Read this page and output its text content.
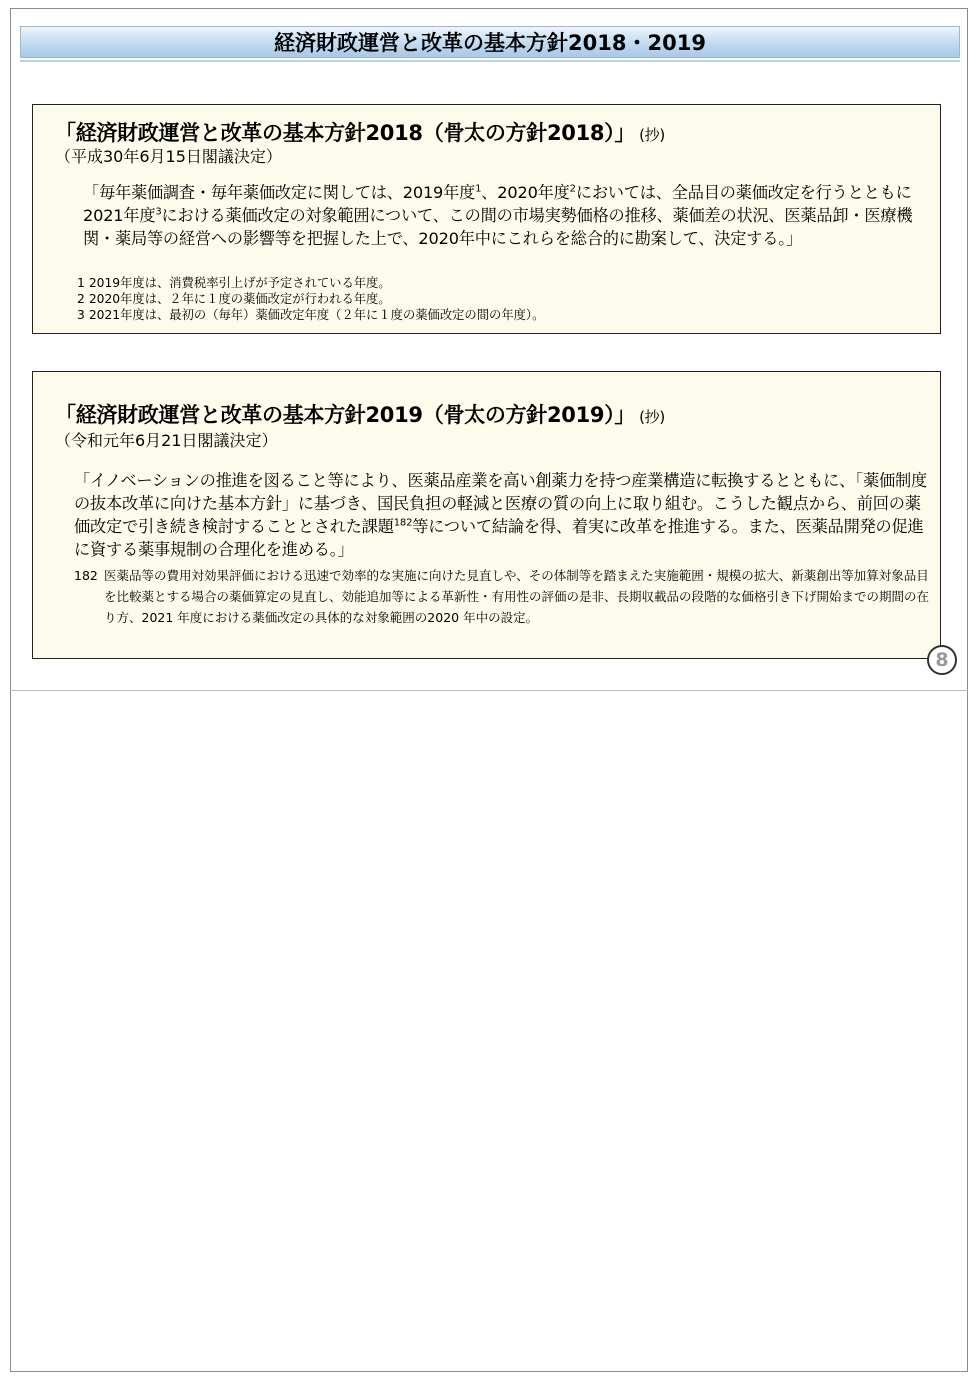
経済財政運営と改革の基本方針2018・2019
「経済財政運営と改革の基本方針2018（骨太の方針2018）」 (抄)
（平成30年6月15日閣議決定）
「毎年薬価調査・毎年薬価改定に関しては、2019年度$^1$、2020年度$^2$においては、全品目の薬価改定を行うとともに2021年度$^3$における薬価改定の対象範囲について、この間の市場実勢価格の推移、薬価差の状況、医薬品卸・医療機関・薬局等の経営への影響等を把握した上で、2020年中にこれらを総合的に勘案して、決定する。」
1 2019年度は、消費税率引上げが予定されている年度。
2 2020年度は、２年に１度の薬価改定が行われる年度。
3 2021年度は、最初の（毎年）薬価改定年度（２年に１度の薬価改定の間の年度）。
「経済財政運営と改革の基本方針2019（骨太の方針2019）」 (抄)
（令和元年6月21日閣議決定）
「イノベーションの推進を図ること等により、医薬品産業を高い創薬力を持つ産業構造に転換するとともに、「薬価制度の抜本改革に向けた基本方針」に基づき、国民負担の軽減と医療の質の向上に取り組む。こうした観点から、前回の薬価改定で引き続き検討することとされた課題$^{182}$等について結論を得、着実に改革を推進する。また、医薬品開発の促進に資する薬事規制の合理化を進める。」
182 医薬品等の費用対効果評価における迅速で効率的な実施に向けた見直しや、その体制等を踏まえた実施範囲・規模の拡大、新薬創出等加算対象品目を比較薬とする場合の薬価算定の見直し、効能追加等による革新性・有用性の評価の是非、長期収載品の段階的な価格引き下げ開始までの期間の在り方、2021 年度における薬価改定の具体的な対象範囲の2020 年中の設定。
8
